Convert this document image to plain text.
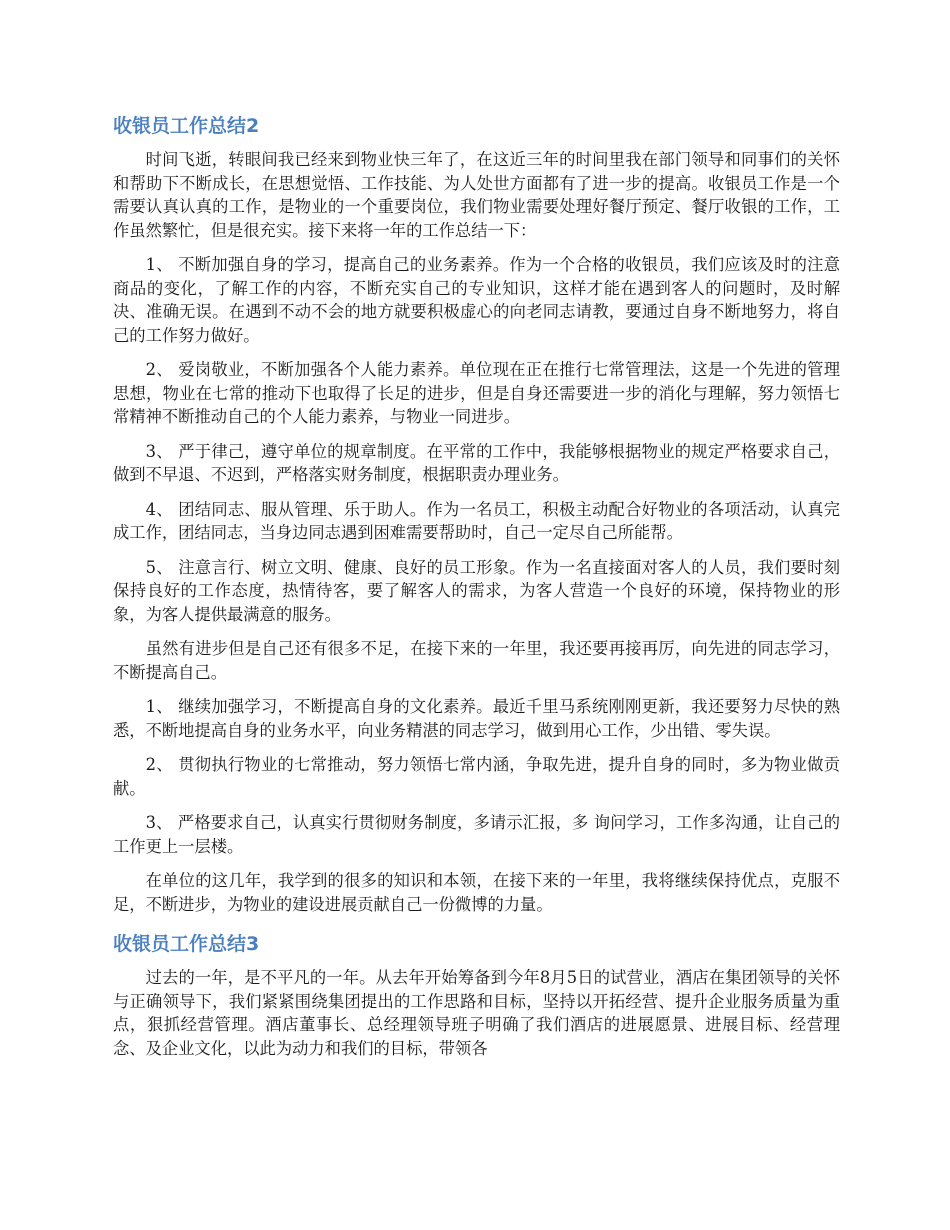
收银员工作总结2

时间飞逝，转眼间我已经来到物业快三年了，在这近三年的时间里我在部门领导和同事们的关怀和帮助下不断成长，在思想觉悟、工作技能、为人处世方面都有了进一步的提高。收银员工作是一个需要认真认真的工作，是物业的一个重要岗位，我们物业需要处理好餐厅预定、餐厅收银的工作，工作虽然繁忙，但是很充实。接下来将一年的工作总结一下：

1、 不断加强自身的学习，提高自己的业务素养。作为一个合格的收银员，我们应该及时的注意商品的变化，了解工作的内容，不断充实自己的专业知识，这样才能在遇到客人的问题时，及时解决、准确无误。在遇到不动不会的地方就要积极虚心的向老同志请教，要通过自身不断地努力，将自己的工作努力做好。

2、 爱岗敬业，不断加强各个人能力素养。单位现在正在推行七常管理法，这是一个先进的管理思想，物业在七常的推动下也取得了长足的进步，但是自身还需要进一步的消化与理解，努力领悟七常精神不断推动自己的个人能力素养，与物业一同进步。

3、 严于律己，遵守单位的规章制度。在平常的工作中，我能够根据物业的规定严格要求自己，做到不早退、不迟到，严格落实财务制度，根据职责办理业务。

4、 团结同志、服从管理、乐于助人。作为一名员工，积极主动配合好物业的各项活动，认真完成工作，团结同志，当身边同志遇到困难需要帮助时，自己一定尽自己所能帮。

5、 注意言行、树立文明、健康、良好的员工形象。作为一名直接面对客人的人员，我们要时刻保持良好的工作态度，热情待客，要了解客人的需求，为客人营造一个良好的环境，保持物业的形象，为客人提供最满意的服务。

虽然有进步但是自己还有很多不足，在接下来的一年里，我还要再接再厉，向先进的同志学习，不断提高自己。

1、 继续加强学习，不断提高自身的文化素养。最近千里马系统刚刚更新，我还要努力尽快的熟悉，不断地提高自身的业务水平，向业务精湛的同志学习，做到用心工作，少出错、零失误。

2、 贯彻执行物业的七常推动，努力领悟七常内涵，争取先进，提升自身的同时，多为物业做贡献。

3、 严格要求自己，认真实行贯彻财务制度，多请示汇报，多 询问学习，工作多沟通，让自己的工作更上一层楼。

在单位的这几年，我学到的很多的知识和本领，在接下来的一年里，我将继续保持优点，克服不足，不断进步，为物业的建设进展贡献自己一份微博的力量。

收银员工作总结3

过去的一年，是不平凡的一年。从去年开始筹备到今年8月5日的试营业，酒店在集团领导的关怀与正确领导下，我们紧紧围绕集团提出的工作思路和目标，坚持以开拓经营、提升企业服务质量为重点，狠抓经营管理。酒店董事长、总经理领导班子明确了我们酒店的进展愿景、进展目标、经营理念、及企业文化，以此为动力和我们的目标，带领各
